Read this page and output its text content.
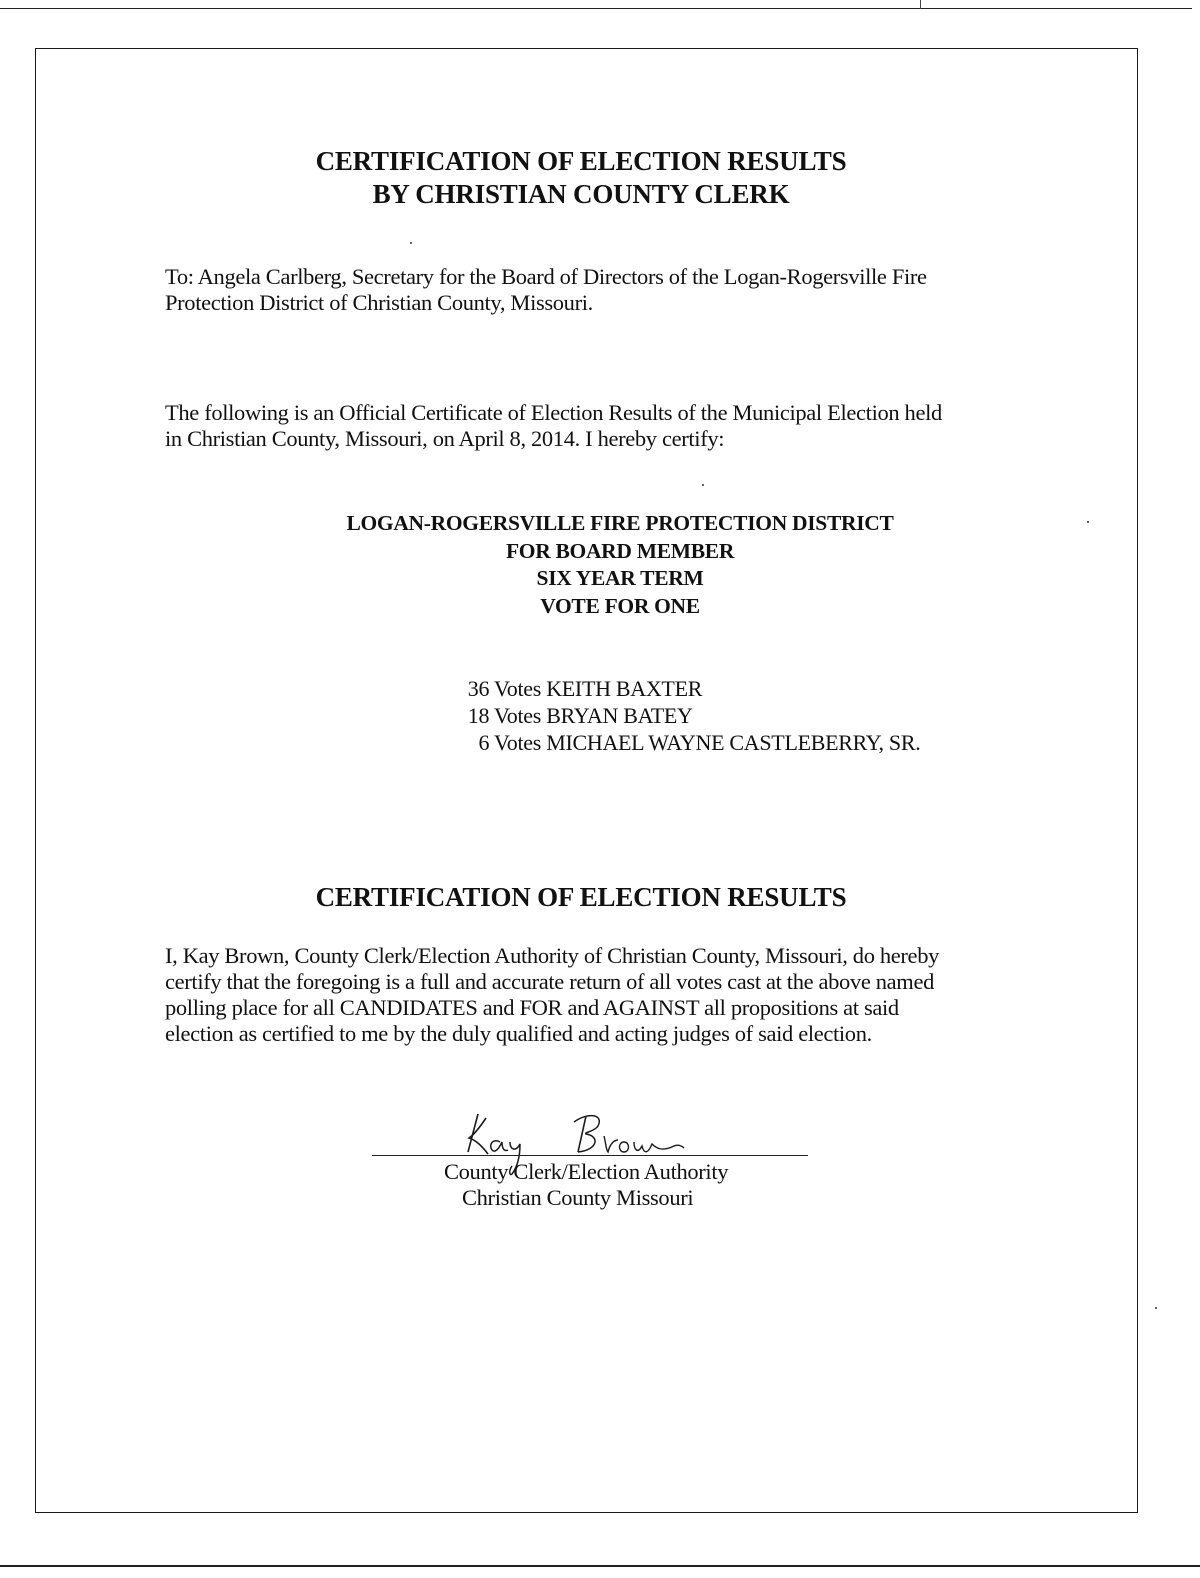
CERTIFICATION OF ELECTION RESULTS
BY CHRISTIAN COUNTY CLERK

To: Angela Carlberg, Secretary for the Board of Directors of the Logan-Rogersville Fire

Protection District of Christian County, Missouri.

The following is an Official Certificate of Election Results of the Municipal Election held

in Christian County, Missouri, on April 8, 2014. I hereby certify:

LOGAN-ROGERSVILLE FIRE PROTECTION DISTRICT
FOR BOARD MEMBER
SIX YEAR TERM
VOTE FOR ONE
36 Votes KEITH BAXTER
18 Votes BRYAN BATEY
6 Votes MICHAEL WAYNE CASTLEBERRY, SR.
CERTIFICATION OF ELECTION RESULTS

I, Kay Brown, County Clerk/Election Authority of Christian County, Missouri, do hereby

certify that the foregoing is a full and accurate return of all votes cast at the above named

polling place for all CANDIDATES and FOR and AGAINST all propositions at said

election as certified to me by the duly qualified and acting judges of said election.

County Clerk/Election Authority
Christian County Missouri
